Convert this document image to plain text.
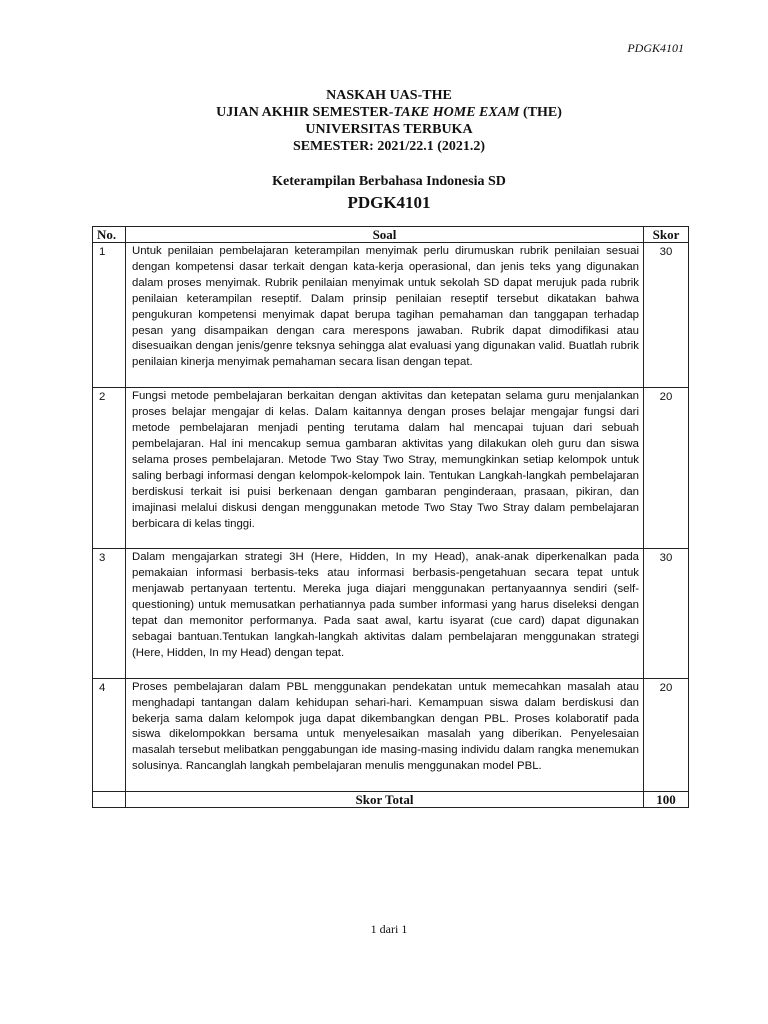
PDGK4101
NASKAH UAS-THE
UJIAN AKHIR SEMESTER-TAKE HOME EXAM (THE)
UNIVERSITAS TERBUKA
SEMESTER: 2021/22.1 (2021.2)
Keterampilan Berbahasa Indonesia SD
PDGK4101
No.	Soal	Skor
1	Untuk penilaian pembelajaran keterampilan menyimak perlu dirumuskan rubrik penilaian sesuai dengan kompetensi dasar terkait dengan kata-kerja operasional, dan jenis teks yang digunakan dalam proses menyimak. Rubrik penilaian menyimak untuk sekolah SD dapat merujuk pada rubrik penilaian keterampilan reseptif. Dalam prinsip penilaian reseptif tersebut dikatakan bahwa pengukuran kompetensi menyimak dapat berupa tagihan pemahaman dan tanggapan terhadap pesan yang disampaikan dengan cara merespons jawaban. Rubrik dapat dimodifikasi atau disesuaikan dengan jenis/genre teksnya sehingga alat evaluasi yang digunakan valid. Buatlah rubrik penilaian kinerja menyimak pemahaman secara lisan dengan tepat.	30
2	Fungsi metode pembelajaran berkaitan dengan aktivitas dan ketepatan selama guru menjalankan proses belajar mengajar di kelas. Dalam kaitannya dengan proses belajar mengajar fungsi dari metode pembelajaran menjadi penting terutama dalam hal mencapai tujuan dari sebuah pembelajaran. Hal ini mencakup semua gambaran aktivitas yang dilakukan oleh guru dan siswa selama proses pembelajaran. Metode Two Stay Two Stray, memungkinkan setiap kelompok untuk saling berbagi informasi dengan kelompok-kelompok lain. Tentukan Langkah-langkah pembelajaran berdiskusi terkait isi puisi berkenaan dengan gambaran penginderaan, prasaan, pikiran, dan imajinasi melalui diskusi dengan menggunakan metode Two Stay Two Stray dalam pembelajaran berbicara di kelas tinggi.	20
3	Dalam mengajarkan strategi 3H (Here, Hidden, In my Head), anak-anak diperkenalkan pada pemakaian informasi berbasis-teks atau informasi berbasis-pengetahuan secara tepat untuk menjawab pertanyaan tertentu. Mereka juga diajari menggunakan pertanyaannya sendiri (self-questioning) untuk memusatkan perhatiannya pada sumber informasi yang harus diseleksi dengan tepat dan memonitor performanya. Pada saat awal, kartu isyarat (cue card) dapat digunakan sebagai bantuan.Tentukan langkah-langkah aktivitas dalam pembelajaran menggunakan strategi (Here, Hidden, In my Head) dengan tepat.	30
4	Proses pembelajaran dalam PBL menggunakan pendekatan untuk memecahkan masalah atau menghadapi tantangan dalam kehidupan sehari-hari. Kemampuan siswa dalam berdiskusi dan bekerja sama dalam kelompok juga dapat dikembangkan dengan PBL. Proses kolaboratif pada siswa dikelompokkan bersama untuk menyelesaikan masalah yang diberikan. Penyelesaian masalah tersebut melibatkan penggabungan ide masing-masing individu dalam rangka menemukan solusinya. Rancanglah langkah pembelajaran menulis menggunakan model PBL.	20
	Skor Total	100
1 dari 1
